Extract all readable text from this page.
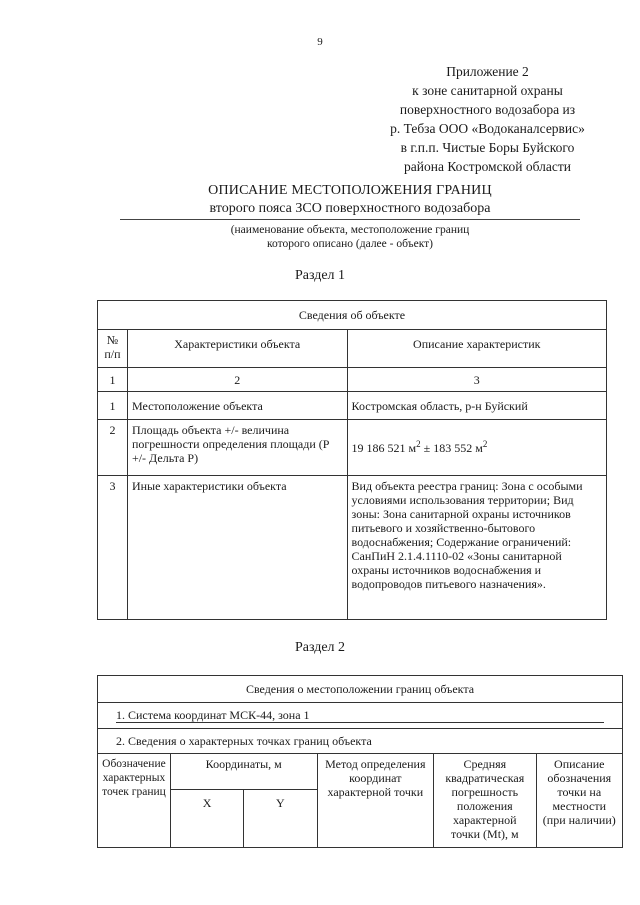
9
Приложение 2
к зоне санитарной охраны
поверхностного водозабора из
р. Тебза ООО «Водоканалсервис»
в г.п.п. Чистые Боры Буйского
района Костромской области
ОПИСАНИЕ МЕСТОПОЛОЖЕНИЯ ГРАНИЦ
второго пояса ЗСО поверхностного водозабора
(наименование объекта, местоположение границ
которого описано (далее - объект)
Раздел 1
Сведения об объекте		
№ п/п	Характеристики объекта	Описание характеристик
1	2	3
1	Местоположение объекта	Костромская область, р-н Буйский
2	Площадь объекта +/- величина погрешности определения площади (Р +/- Дельта Р)	19 186 521 $м^2 \pm 183$ 552 $м^2$
3	Иные характеристики объекта	Вид объекта реестра границ: Зона с особыми условиями использования территории; Вид зоны: Зона санитарной охраны источников питьевого и хозяйственно-бытового водоснабжения; Содержание ограничений: СанПиН 2.1.4.1110-02 «Зоны санитарной охраны источников водоснабжения и водопроводов питьевого назначения».
Раздел 2
Сведения о местоположении границ объекта					
1. Система координат МСК-44, зона 1					
2. Сведения о характерных точках границ объекта					
Обозначение характерных точек границ	Координаты, м		Метод определения координат характерной точки	Средняя квадратическая погрешность положения характерной точки (Mt), м	Описание обозначения точки на местности (при наличии)
	X	Y			
